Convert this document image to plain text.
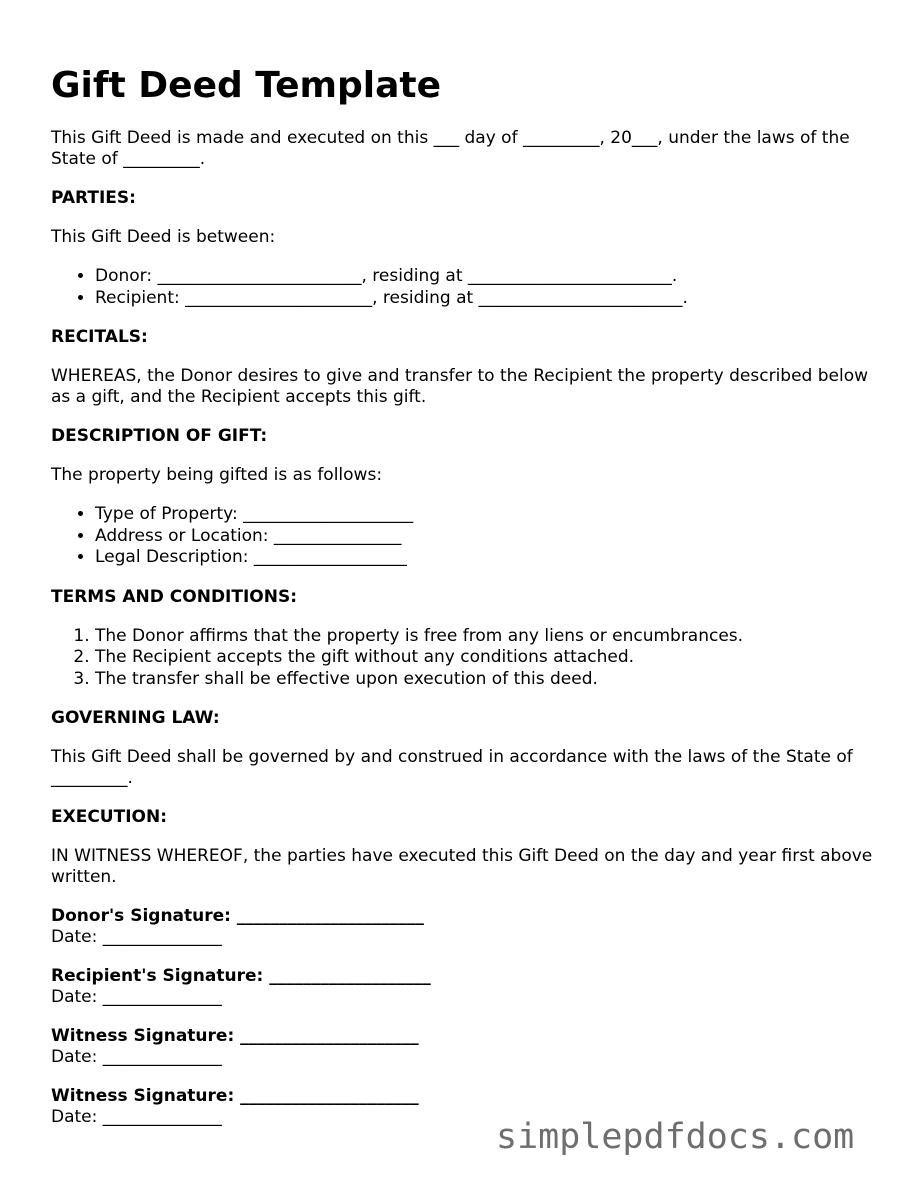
Gift Deed Template

This Gift Deed is made and executed on this ___ day of _________, 20___, under the laws of the State of _________.

PARTIES:

This Gift Deed is between:

• Donor: ________________________, residing at ________________________.
• Recipient: ______________________, residing at ________________________.
RECITALS:

WHEREAS, the Donor desires to give and transfer to the Recipient the property described below as a gift, and the Recipient accepts this gift.

DESCRIPTION OF GIFT:

The property being gifted is as follows:

• Type of Property: ____________________
• Address or Location: _______________
• Legal Description: __________________
TERMS AND CONDITIONS:
1. The Donor affirms that the property is free from any liens or encumbrances.
2. The Recipient accepts the gift without any conditions attached.
3. The transfer shall be effective upon execution of this deed.
GOVERNING LAW:

This Gift Deed shall be governed by and construed in accordance with the laws of the State of _________.

EXECUTION:

IN WITNESS WHEREOF, the parties have executed this Gift Deed on the day and year first above written.

Donor's Signature: ______________________
Date: ______________
Recipient's Signature: ___________________
Date: ______________
Witness Signature: _____________________
Date: ______________
Witness Signature: _____________________
Date: ______________	simplepdfdocs.com
